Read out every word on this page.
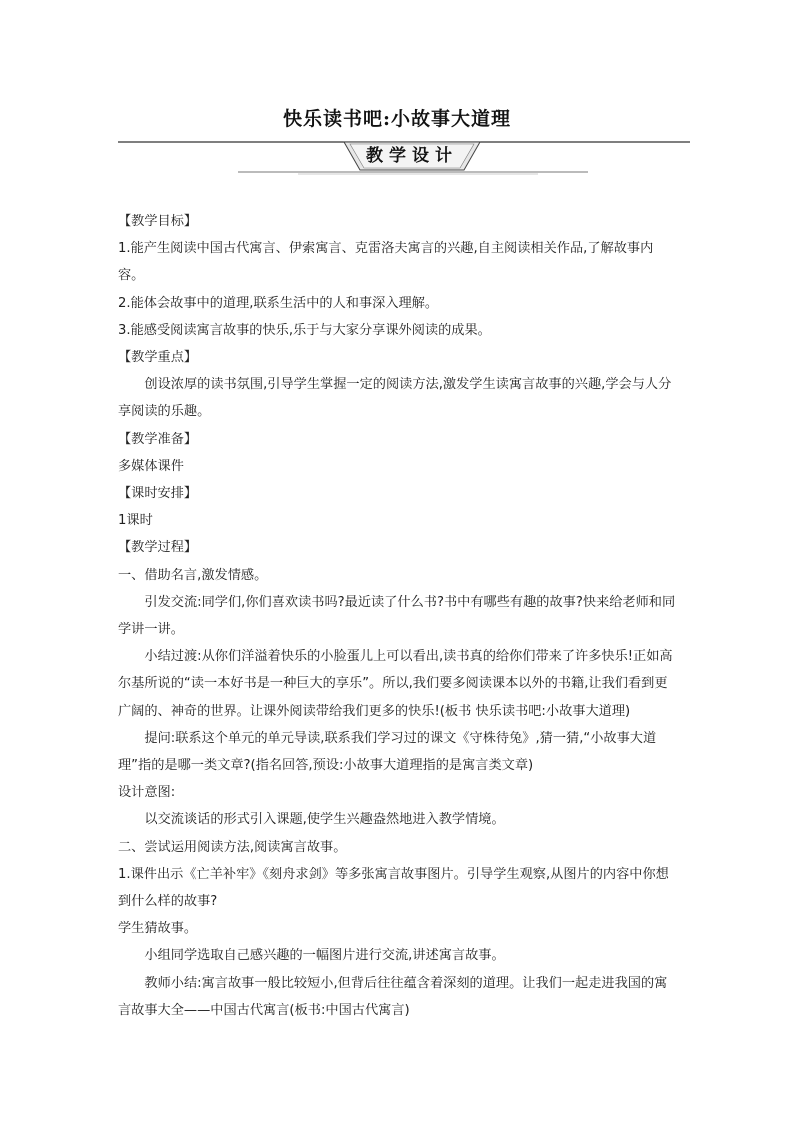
快乐读书吧:小故事大道理
教学设计

【教学目标】

1.能产生阅读中国古代寓言、伊索寓言、克雷洛夫寓言的兴趣,自主阅读相关作品,了解故事内容。

2.能体会故事中的道理,联系生活中的人和事深入理解。

3.能感受阅读寓言故事的快乐,乐于与大家分享课外阅读的成果。

【教学重点】

创设浓厚的读书氛围,引导学生掌握一定的阅读方法,激发学生读寓言故事的兴趣,学会与人分享阅读的乐趣。

【教学准备】

多媒体课件

【课时安排】

1课时

【教学过程】

一、借助名言,激发情感。

引发交流:同学们,你们喜欢读书吗?最近读了什么书?书中有哪些有趣的故事?快来给老师和同学讲一讲。

小结过渡:从你们洋溢着快乐的小脸蛋儿上可以看出,读书真的给你们带来了许多快乐!正如高尔基所说的“读一本好书是一种巨大的享乐”。所以,我们要多阅读课本以外的书籍,让我们看到更广阔的、神奇的世界。让课外阅读带给我们更多的快乐!(板书 快乐读书吧:小故事大道理)

提问:联系这个单元的单元导读,联系我们学习过的课文《守株待兔》,猜一猜,“小故事大道理”指的是哪一类文章?(指名回答,预设:小故事大道理指的是寓言类文章)

设计意图:

以交流谈话的形式引入课题,使学生兴趣盎然地进入教学情境。

二、尝试运用阅读方法,阅读寓言故事。

1.课件出示《亡羊补牢》《刻舟求剑》等多张寓言故事图片。引导学生观察,从图片的内容中你想到什么样的故事?

学生猜故事。

小组同学选取自己感兴趣的一幅图片进行交流,讲述寓言故事。

教师小结:寓言故事一般比较短小,但背后往往蕴含着深刻的道理。让我们一起走进我国的寓言故事大全——中国古代寓言(板书:中国古代寓言)
